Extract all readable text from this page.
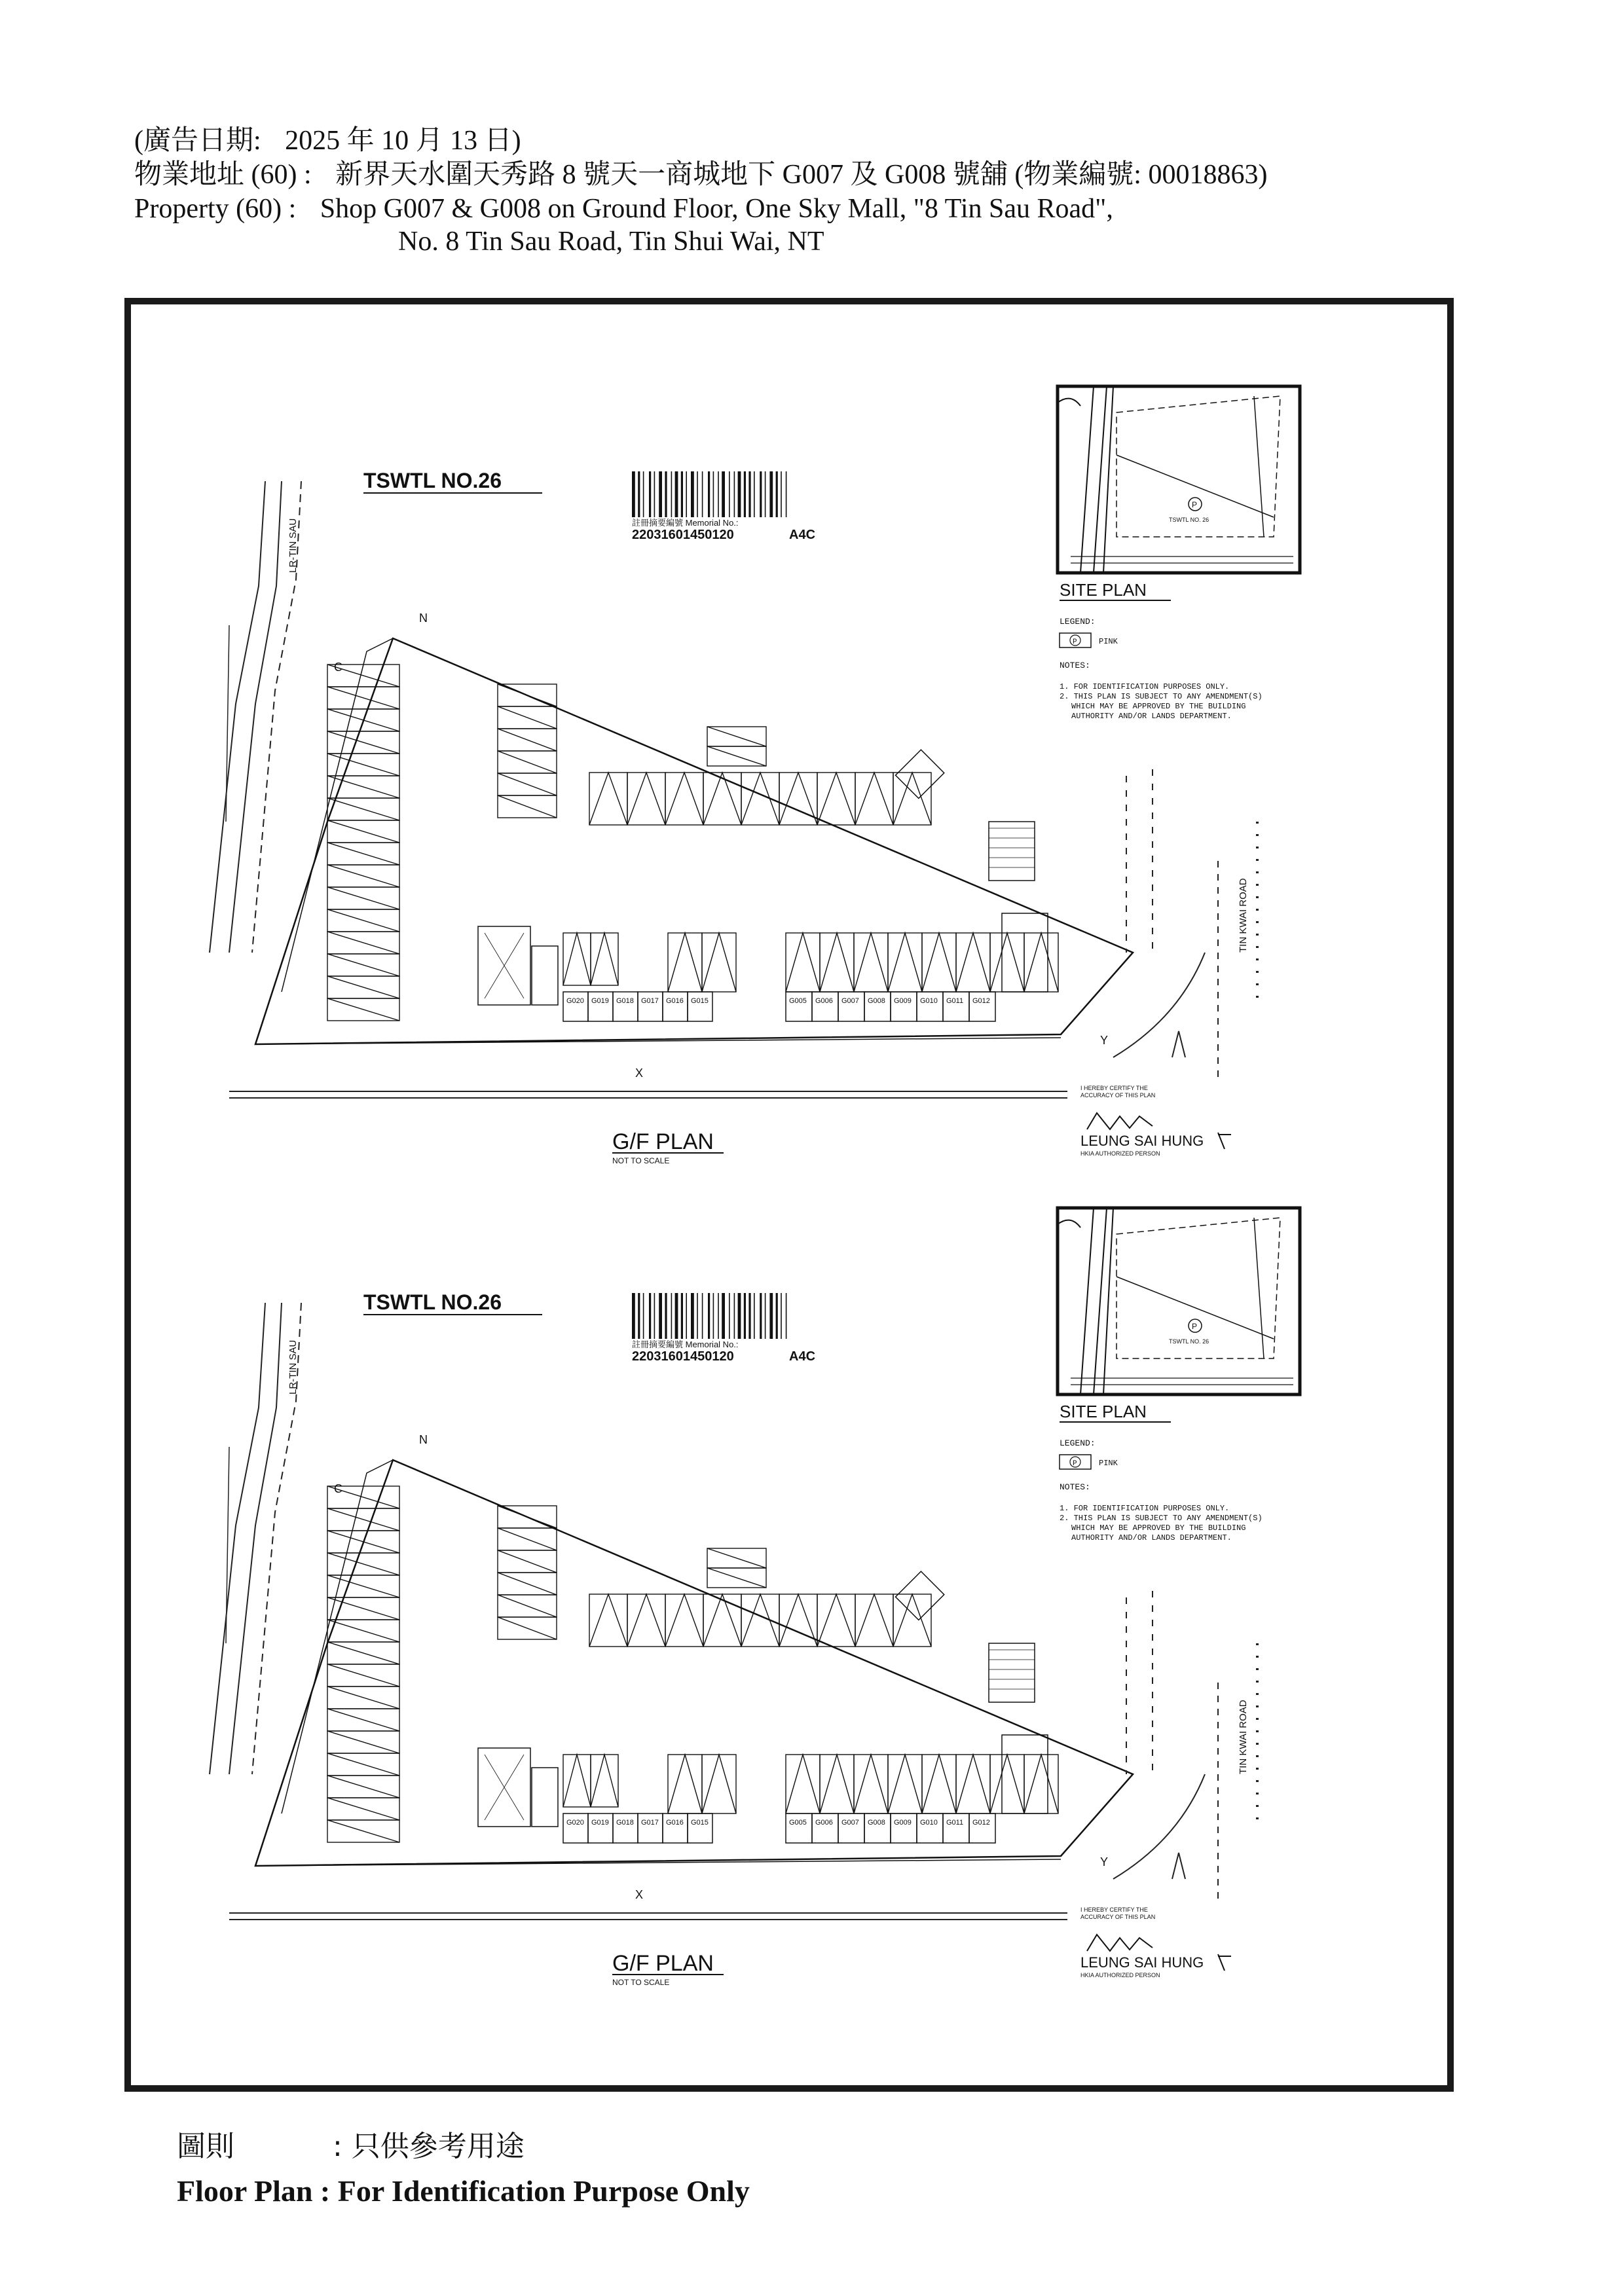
(廣告日期: 2025 年 10 月 13 日)
物業地址 (60) : 新界天水圍天秀路 8 號天一商城地下 G007 及 G008 號舖 (物業編號: 00018863)
Property (60) : Shop G007 & G008 on Ground Floor, One Sky Mall, "8 Tin Sau Road",
No. 8 Tin Sau Road, Tin Shui Wai, NT
LR-TIN SAU
TSWTL NO.26
註冊摘要編號 Memorial No.:
22031601450120	A4C
G020 G019 G018 G017 G016 G015	G005 G006 G007 G008 G009 G010 G011 G012
TIN KWAI ROAD
N
C
X
Y
G/F PLAN
NOT TO SCALE
P
TSWTL NO. 26
SITE PLAN
LEGEND:
P	PINK
NOTES:
1. FOR IDENTIFICATION PURPOSES ONLY.
2. THIS PLAN IS SUBJECT TO ANY AMENDMENT(S)
WHICH MAY BE APPROVED BY THE BUILDING
AUTHORITY AND/OR LANDS DEPARTMENT.
I HEREBY CERTIFY THE
ACCURACY OF THIS PLAN
LEUNG SAI HUNG
HKIA AUTHORIZED PERSON
LR-TIN SAU
TSWTL NO.26
註冊摘要編號 Memorial No.:
22031601450120	A4C
G020 G019 G018 G017 G016 G015	G005 G006 G007 G008 G009 G010 G011 G012
TIN KWAI ROAD
N
C
X
Y
G/F PLAN
NOT TO SCALE
P
TSWTL NO. 26
SITE PLAN
LEGEND:
P	PINK
NOTES:
1. FOR IDENTIFICATION PURPOSES ONLY.
2. THIS PLAN IS SUBJECT TO ANY AMENDMENT(S)
WHICH MAY BE APPROVED BY THE BUILDING
AUTHORITY AND/OR LANDS DEPARTMENT.
I HEREBY CERTIFY THE
ACCURACY OF THIS PLAN
LEUNG SAI HUNG
HKIA AUTHORIZED PERSON
圖則	: 只供參考用途
Floor Plan : For Identification Purpose Only
